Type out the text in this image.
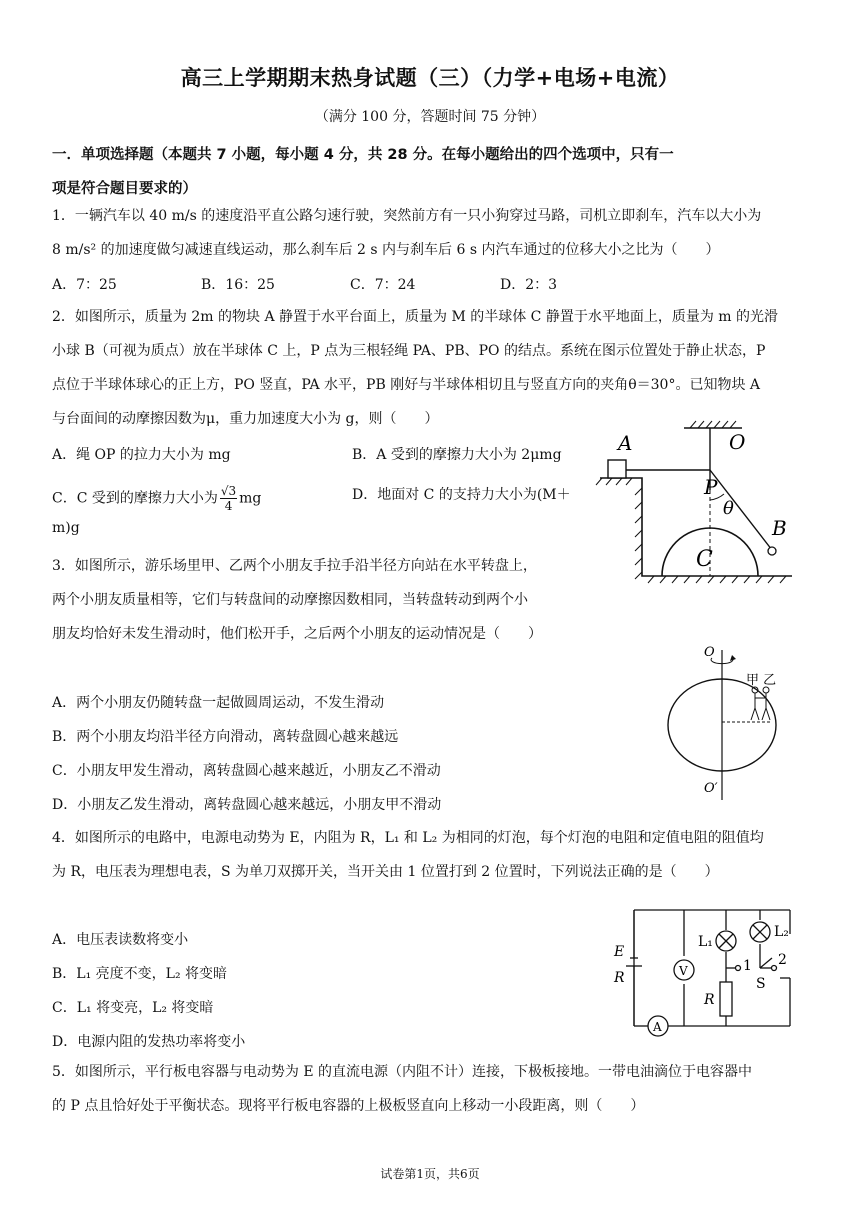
高三上学期期末热身试题（三）（力学+电场+电流）
（满分 100 分，答题时间 75 分钟）
一．单项选择题（本题共 7 小题，每小题 4 分，共 28 分。在每小题给出的四个选项中，只有一
项是符合题目要求的）
1．一辆汽车以 40 m/s 的速度沿平直公路匀速行驶，突然前方有一只小狗穿过马路，司机立即刹车，汽车以大小为
8 m/s² 的加速度做匀减速直线运动，那么刹车后 2 s 内与刹车后 6 s 内汽车通过的位移大小之比为（　　）
A．7：25	B．16：25	C．7：24	D．2：3
2．如图所示，质量为 2m 的物块 A 静置于水平台面上，质量为 M 的半球体 C 静置于水平地面上，质量为 m 的光滑
小球 B（可视为质点）放在半球体 C 上，P 点为三根轻绳 PA、PB、PO 的结点。系统在图示位置处于静止状态，P
点位于半球体球心的正上方，PO 竖直，PA 水平，PB 刚好与半球体相切且与竖直方向的夹角θ＝30°。已知物块 A
与台面间的动摩擦因数为μ，重力加速度大小为 g，则（　　）
A．绳 OP 的拉力大小为 mg	B．A 受到的摩擦力大小为 2μmg
C．C 受到的摩擦力大小为 $\frac{√3}{4}$ mg	D．地面对 C 的支持力大小为(M＋
m)g
A	O
P
θ
B
C
3．如图所示，游乐场里甲、乙两个小朋友手拉手沿半径方向站在水平转盘上，
两个小朋友质量相等，它们与转盘间的动摩擦因数相同，当转盘转动到两个小
朋友均恰好未发生滑动时，他们松开手，之后两个小朋友的运动情况是（　　）
A．两个小朋友仍随转盘一起做圆周运动，不发生滑动
B．两个小朋友均沿半径方向滑动，离转盘圆心越来越远
C．小朋友甲发生滑动，离转盘圆心越来越近，小朋友乙不滑动
D．小朋友乙发生滑动，离转盘圆心越来越远，小朋友甲不滑动
O
甲 乙
O′
4．如图所示的电路中，电源电动势为 E，内阻为 R，L₁ 和 L₂ 为相同的灯泡，每个灯泡的电阻和定值电阻的阻值均
为 R，电压表为理想电表，S 为单刀双掷开关，当开关由 1 位置打到 2 位置时，下列说法正确的是（　　）
A．电压表读数将变小
B．L₁ 亮度不变，L₂ 将变暗
C．L₁ 将变亮，L₂ 将变暗
D．电源内阻的发热功率将变小
E
R	V
A
L₁
L₂
1 2
S
R
5．如图所示，平行板电容器与电动势为 E 的直流电源（内阻不计）连接，下极板接地。一带电油滴位于电容器中
的 P 点且恰好处于平衡状态。现将平行板电容器的上极板竖直向上移动一小段距离，则（　　）
试卷第1页，共6页
